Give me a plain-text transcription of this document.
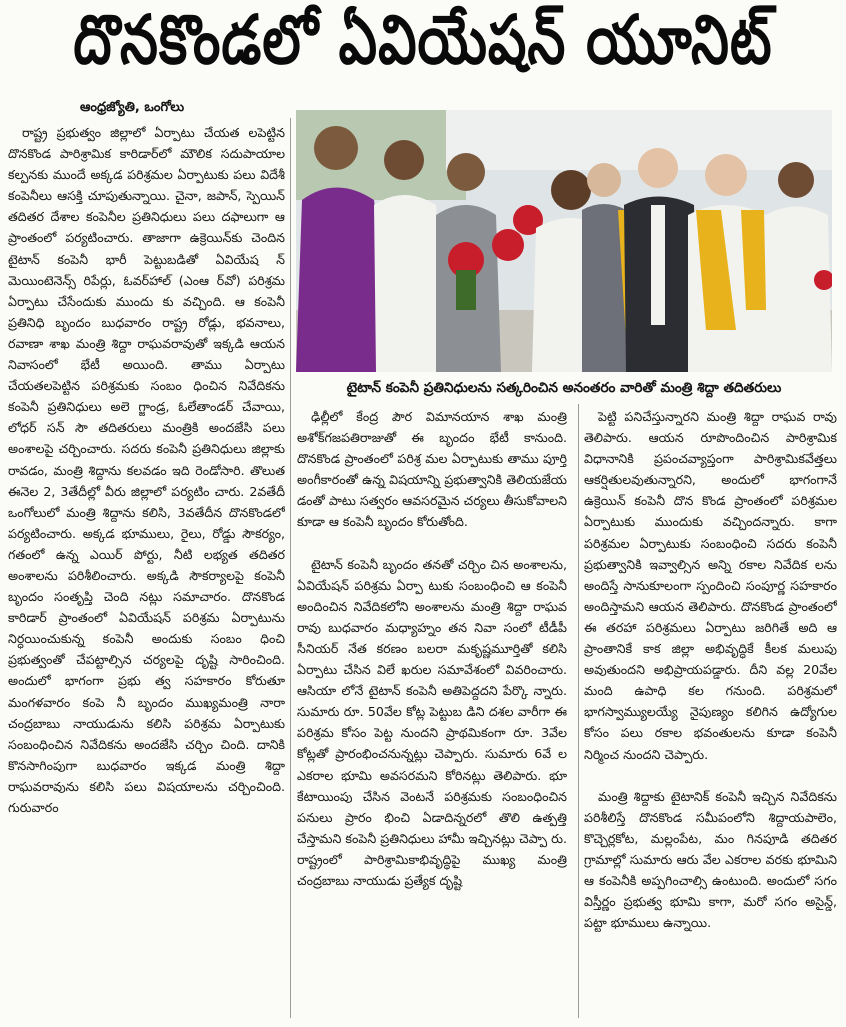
దొనకొండలో ఏవియేషన్ యూనిట్
ఆంధ్రజ్యోతి, ఒంగోలు

రాష్ట్ర ప్రభుత్వం జిల్లాలో ఏర్పాటు చేయత లపెట్టిన దొనకొండ పారిశ్రామిక కారిడార్‌లో మౌలిక సదుపాయాల కల్పనకు ముందే అక్కడ పరిశ్రమల ఏర్పాటుకు పలు విదేశీ కంపెనీలు ఆసక్తి చూపుతున్నాయి. చైనా, జపాన్, స్పెయిన్ తదితర దేశాల కంపెనీల ప్రతినిధులు పలు దఫాలుగా ఆ ప్రాంతంలో పర్యటించారు. తాజాగా ఉక్రెయిన్‌కు చెందిన టైటాన్ కంపెనీ భారీ పెట్టుబడితో ఏవియేష న్ మెయింటెనెన్స్ రిపేర్లు, ఓవర్‌హాల్ (ఎంఆ ర్‌వో) పరిశ్రమ ఏర్పాటు చేసేందుకు ముందు కు వచ్చింది. ఆ కంపెనీ ప్రతినిధి బృందం బుధవారం రాష్ట్ర రోడ్లు, భవనాలు, రవాణా శాఖ మంత్రి శిద్దా రాఘవరావుతో ఇక్కడి ఆయన నివాసంలో భేటీ అయింది. తాము ఏర్పాటు చేయతలపెట్టిన పరిశ్రమకు సంబం ధించిన నివేదికను కంపెనీ ప్రతినిధులు అలె గ్జాండ్ర, ఓలేతాండర్ చేవాయి, లోధర్ సన్ సౌ తదితరులు మంత్రికి అందజేసి పలు అంశాలపై చర్చించారు. సదరు కంపెనీ ప్రతినిధులు జిల్లాకు రావడం, మంత్రి శిద్దాను కలవడం ఇది రెండోసారి. తొలుత ఈనెల 2, 3తేదీల్లో వీరు జిల్లాలో పర్యటిం చారు. 2వతేదీ ఒంగోలులో మంత్రి శిద్దాను కలిసి, 3వతేదీన దొనకొండలో పర్యటించారు. అక్కడ భూములు, రైలు, రోడ్డు సౌకర్యం, గతంలో ఉన్న ఎయిర్ పోర్టు, నీటి లభ్యత తదితర అంశాలను పరిశీలించారు. అక్కడి సౌకర్యాలపై కంపెనీ బృందం సంతృప్తి చెంది నట్లు సమాచారం. దొనకొండ కారిడార్ ప్రాంతంలో ఏవియేషన్ పరిశ్రమ ఏర్పాటును నిర్ధయించుకున్న కంపెనీ అందుకు సంబం ధించి ప్రభుత్వంతో చేపట్టాల్సిన చర్యలపై దృష్టి సారించింది. అందులో భాగంగా ప్రభు త్వ సహకారం కోరుతూ మంగళవారం కంపె నీ బృందం ముఖ్యమంత్రి నారా చంద్రబాబు నాయుడును కలిసి పరిశ్రమ ఏర్పాటుకు సంబంధించిన నివేదికను అందజేసి చర్చిం చింది. దానికి కొనసాగింపుగా బుధవారం ఇక్కడ మంత్రి శిద్దా రాఘవరావును కలిసి పలు విషయాలను చర్చించింది. గురువారం

టైటాన్ కంపెనీ ప్రతినిధులను సత్కరించిన అనంతరం వారితో మంత్రి శిద్దా తదితరులు

ఢిల్లీలో కేంద్ర పౌర విమానయాన శాఖ మంత్రి అశోక్‌గజపతిరాజుతో ఈ బృందం భేటీ కానుంది. దొనకొండ ప్రాంతంలో పరిశ్ర మల ఏర్పాటుకు తాము పూర్తి అంగీకారంతో ఉన్న విషయాన్ని ప్రభుత్వానికి తెలియజేయ డంతో పాటు సత్వరం ఆవసరమైన చర్యలు తీసుకోవాలని కూడా ఆ కంపెనీ బృందం కోరుతోంది.

టైటాన్ కంపెనీ బృందం తనతో చర్చిం చిన అంశాలను, ఏవియేషన్ పరిశ్రమ ఏర్పా టుకు సంబంధించి ఆ కంపెనీ అందించిన నివేదికలోని అంశాలను మంత్రి శిద్దా రాఘవ రావు బుధవారం మధ్యాహ్నం తన నివా సంలో టీడీపీ సీనియర్ నేత కరణం బలరా మకృష్ణమూర్తితో కలిసి ఏర్పాటు చేసిన విలే ఖరుల సమావేశంలో వివరించారు. ఆసియా లోనే టైటాన్ కంపెనీ అతిపెద్దదని పేర్కొ న్నారు. సుమారు రూ. 50వేల కోట్ల పెట్టుబ డిని దశల వారీగా ఈ పరిశ్రమ కోసం పెట్ట నుందని ప్రాథమికంగా రూ. 3వేల కోట్లతో ప్రారంభించనున్నట్లు చెప్పారు. సుమారు 6వే ల ఎకరాల భూమి అవసరమని కోరినట్లు తెలిపారు. భూ కేటాయింపు చేసిన వెంటనే పరిశ్రమకు సంబంధించిన పనులు ప్రారం భించి ఏడాదిన్నరలో తొలి ఉత్పత్తి చేస్తామని కంపెనీ ప్రతినిధులు హామీ ఇచ్చినట్లు చెప్పా రు. రాష్ట్రంలో పారిశ్రామికాభివృద్ధిపై ముఖ్య మంత్రి చంద్రబాబు నాయుడు ప్రత్యేక దృష్టి

పెట్టి పనిచేస్తున్నారని మంత్రి శిద్దా రాఘవ రావు తెలిపారు. ఆయన రూపొందించిన పారిశ్రామిక విధానానికి ప్రపంచవ్యాప్తంగా పారిశ్రామికవేత్తలు ఆకర్షితులవుతున్నారని, అందులో భాగంగానే ఉక్రెయిన్ కంపెనీ దొన కొండ ప్రాంతంలో పరిశ్రమల ఏర్పాటుకు ముందుకు వచ్చిందన్నారు. కాగా పరిశ్రమల ఏర్పాటుకు సంబంధించి సదరు కంపెనీ ప్రభుత్వానికి ఇవ్వాల్సిన అన్ని రకాల నివేదిక లను అందిస్తే సానుకూలంగా స్పందించి సంపూర్ణ సహకారం అందిస్తామని ఆయన తెలిపారు. దొనకొండ ప్రాంతంలో ఈ తరహా పరిశ్రమలు ఏర్పాటు జరిగితే అది ఆ ప్రాంతానికే కాక జిల్లా అభివృద్ధికే కీలక మలుపు అవుతుందని అభిప్రాయపడ్డారు. దీని వల్ల 20వేల మంది ఉపాధి కల గనుంది. పరిశ్రమలో భాగస్వామ్యులయ్యే నైపుణ్యం కలిగిన ఉద్యోగుల కోసం పలు రకాల భవంతులను కూడా కంపెనీ నిర్మించ నుందని చెప్పారు.

మంత్రి శిద్దాకు టైటానిక్ కంపెనీ ఇచ్చిన నివేదికను పరిశీలిస్తే దొనకొండ సమీపంలోని శిద్దాయపాలెం, కొచ్చెర్లకోట, మల్లంపేట, మం గినపూడి తదితర గ్రామాల్లో సుమారు ఆరు వేల ఎకరాల వరకు భూమిని ఆ కంపెనీకి అప్పగించాల్సి ఉంటుంది. అందులో సగం విస్తీర్ణం ప్రభుత్వ భూమి కాగా, మరో సగం అసైన్డ్, పట్టా భూములు ఉన్నాయి.
